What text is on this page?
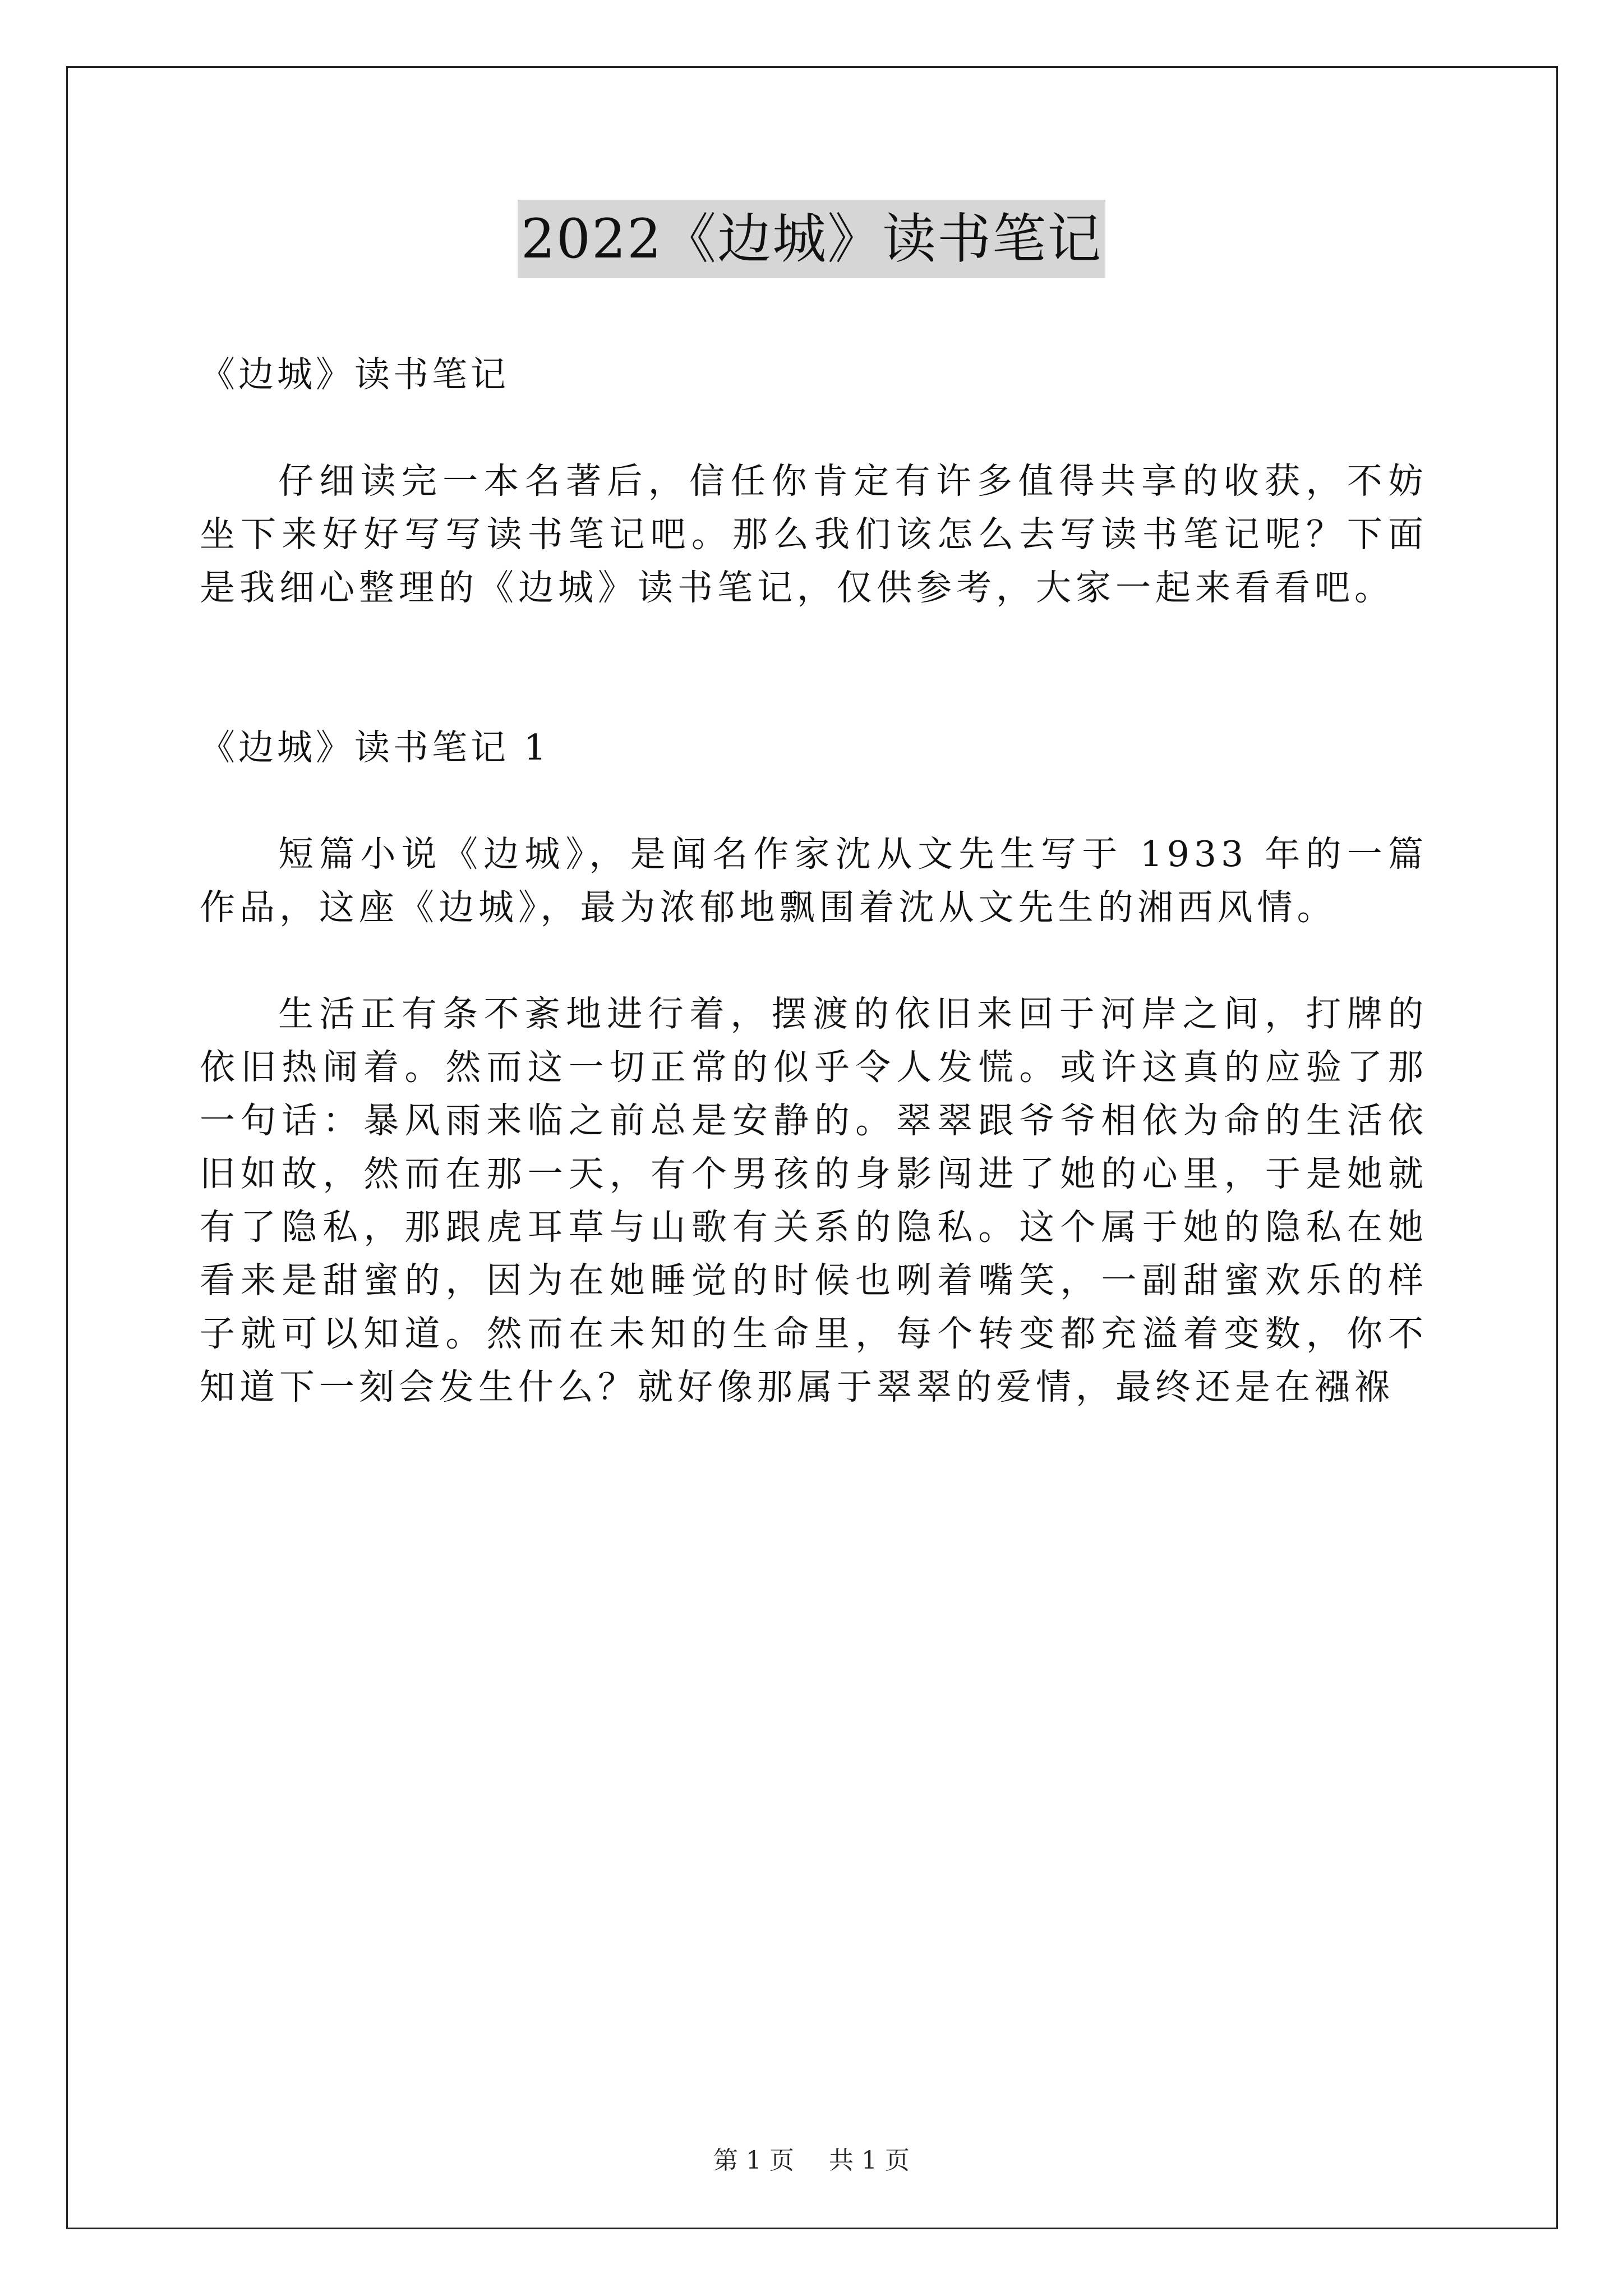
2022《边城》读书笔记
《边城》读书笔记
仔细读完一本名著后，信任你肯定有许多值得共享的收获，不妨坐下来好好写写读书笔记吧。那么我们该怎么去写读书笔记呢？下面是我细心整理的《边城》读书笔记，仅供参考，大家一起来看看吧。
《边城》读书笔记 1
短篇小说《边城》，是闻名作家沈从文先生写于 1933 年的一篇作品，这座《边城》，最为浓郁地飘围着沈从文先生的湘西风情。
生活正有条不紊地进行着，摆渡的依旧来回于河岸之间，打牌的依旧热闹着。然而这一切正常的似乎令人发慌。或许这真的应验了那一句话：暴风雨来临之前总是安静的。翠翠跟爷爷相依为命的生活依旧如故，然而在那一天，有个男孩的身影闯进了她的心里，于是她就有了隐私，那跟虎耳草与山歌有关系的隐私。这个属于她的隐私在她看来是甜蜜的，因为在她睡觉的时候也咧着嘴笑，一副甜蜜欢乐的样子就可以知道。然而在未知的生命里，每个转变都充溢着变数，你不知道下一刻会发生什么？就好像那属于翠翠的爱情，最终还是在襁褓
第 1 页 共 1 页
